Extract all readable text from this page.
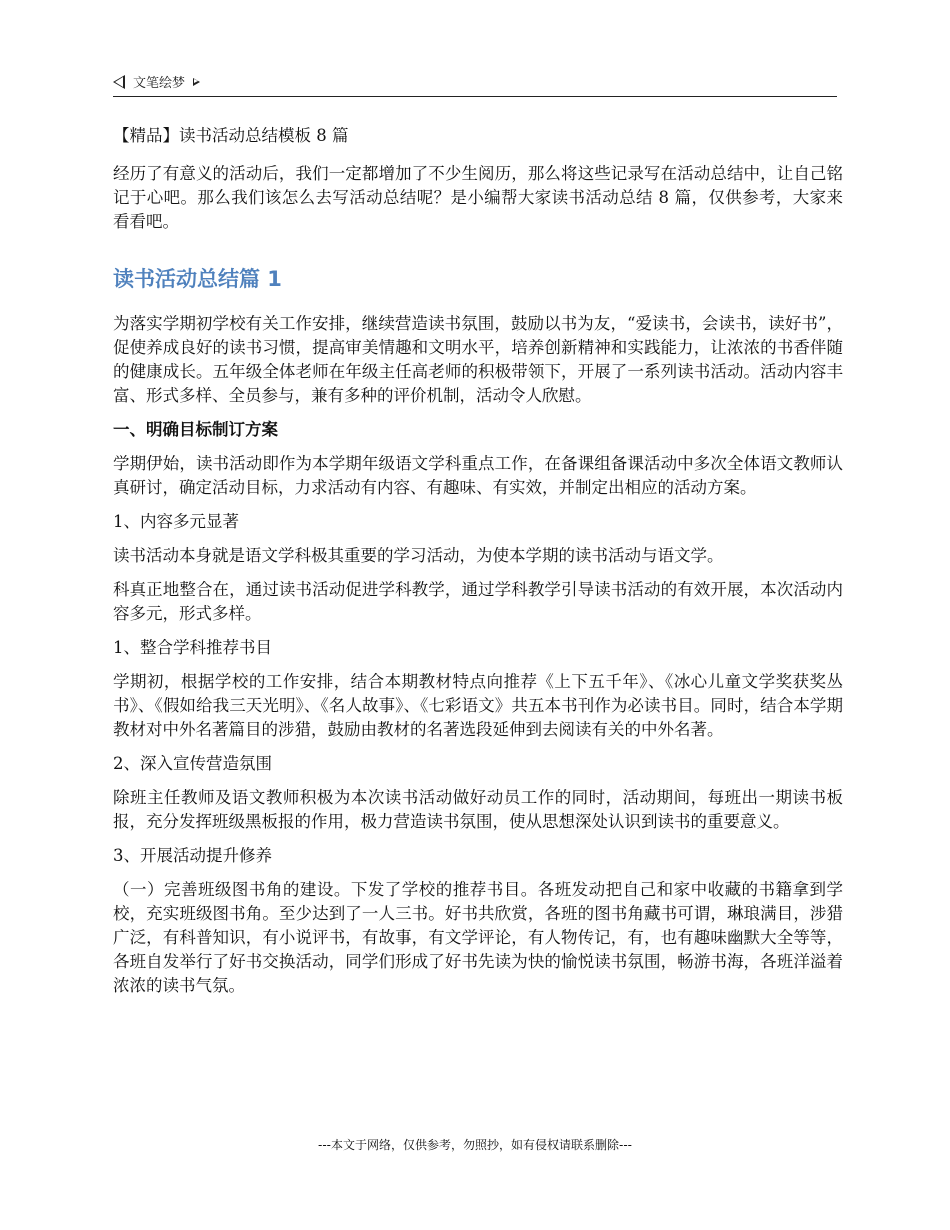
文笔绘梦

【精品】读书活动总结模板 8 篇

经历了有意义的活动后，我们一定都增加了不少生阅历，那么将这些记录写在活动总结中，让自己铭记于心吧。那么我们该怎么去写活动总结呢？是小编帮大家读书活动总结 8 篇，仅供参考，大家来看看吧。

读书活动总结篇 1

为落实学期初学校有关工作安排，继续营造读书氛围，鼓励以书为友，“爱读书，会读书，读好书”，促使养成良好的读书习惯，提高审美情趣和文明水平，培养创新精神和实践能力，让浓浓的书香伴随的健康成长。五年级全体老师在年级主任高老师的积极带领下，开展了一系列读书活动。活动内容丰富、形式多样、全员参与，兼有多种的评价机制，活动令人欣慰。

一、明确目标制订方案

学期伊始，读书活动即作为本学期年级语文学科重点工作，在备课组备课活动中多次全体语文教师认真研讨，确定活动目标，力求活动有内容、有趣味、有实效，并制定出相应的活动方案。

1、内容多元显著

读书活动本身就是语文学科极其重要的学习活动，为使本学期的读书活动与语文学。

科真正地整合在，通过读书活动促进学科教学，通过学科教学引导读书活动的有效开展，本次活动内容多元，形式多样。

1、整合学科推荐书目

学期初，根据学校的工作安排，结合本期教材特点向推荐《上下五千年》、《冰心儿童文学奖获奖丛书》、《假如给我三天光明》、《名人故事》、《七彩语文》共五本书刊作为必读书目。同时，结合本学期教材对中外名著篇目的涉猎，鼓励由教材的名著选段延伸到去阅读有关的中外名著。

2、深入宣传营造氛围

除班主任教师及语文教师积极为本次读书活动做好动员工作的同时，活动期间，每班出一期读书板报，充分发挥班级黑板报的作用，极力营造读书氛围，使从思想深处认识到读书的重要意义。

3、开展活动提升修养

（一）完善班级图书角的建设。下发了学校的推荐书目。各班发动把自己和家中收藏的书籍拿到学校，充实班级图书角。至少达到了一人三书。好书共欣赏，各班的图书角藏书可谓，琳琅满目，涉猎广泛，有科普知识，有小说评书，有故事，有文学评论，有人物传记，有，也有趣味幽默大全等等，各班自发举行了好书交换活动，同学们形成了好书先读为快的愉悦读书氛围，畅游书海，各班洋溢着浓浓的读书气氛。

---本文于网络，仅供参考，勿照抄，如有侵权请联系删除---
